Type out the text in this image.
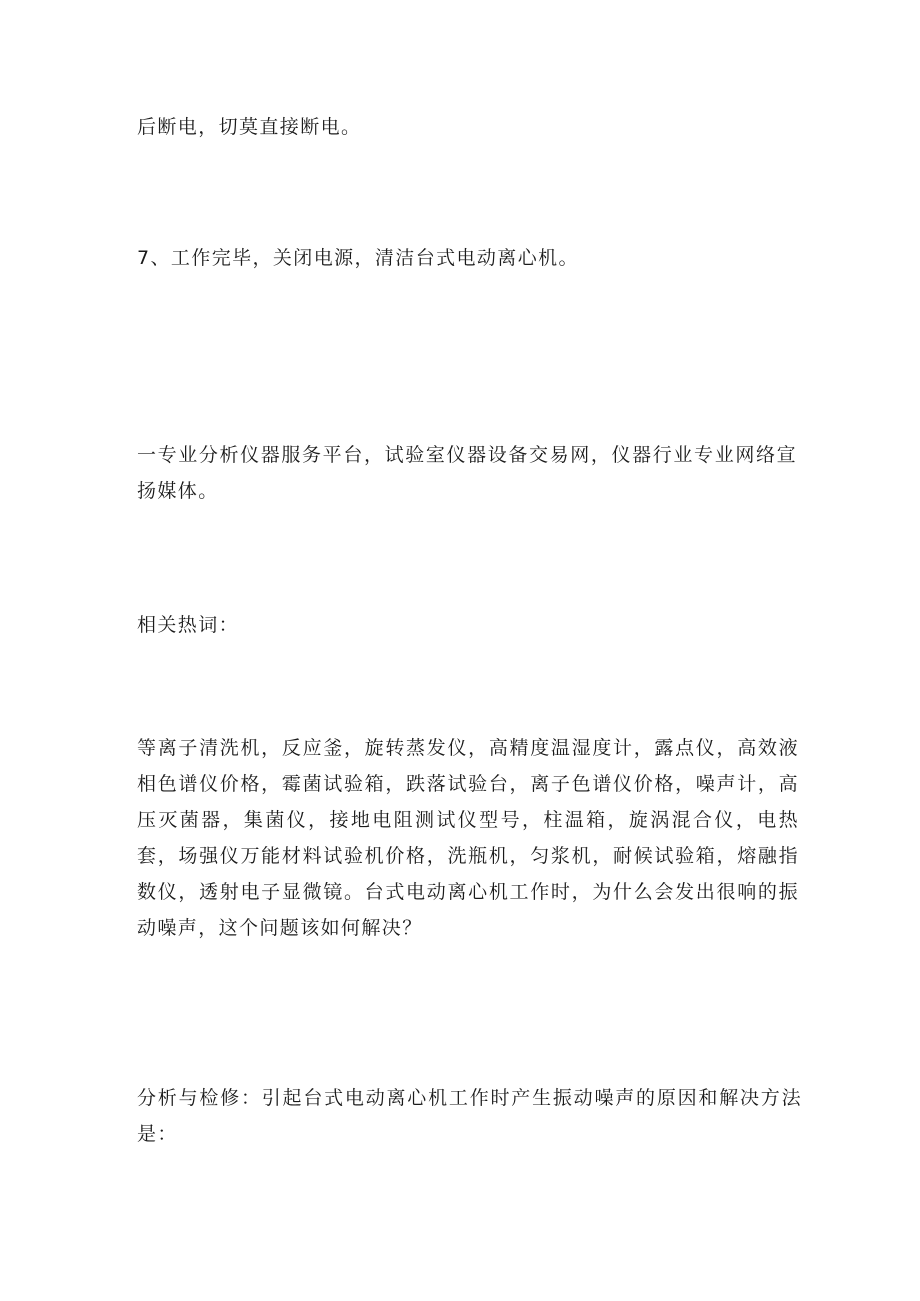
后断电，切莫直接断电。

7、工作完毕，关闭电源，清洁台式电动离心机。

一专业分析仪器服务平台，试验室仪器设备交易网，仪器行业专业网络宣扬媒体。

相关热词：

等离子清洗机，反应釜，旋转蒸发仪，高精度温湿度计，露点仪，高效液相色谱仪价格，霉菌试验箱，跌落试验台，离子色谱仪价格，噪声计，高压灭菌器，集菌仪，接地电阻测试仪型号，柱温箱，旋涡混合仪，电热套，场强仪万能材料试验机价格，洗瓶机，匀浆机，耐候试验箱，熔融指数仪，透射电子显微镜。台式电动离心机工作时，为什么会发出很响的振动噪声，这个问题该如何解决？

分析与检修：引起台式电动离心机工作时产生振动噪声的原因和解决方法是：
